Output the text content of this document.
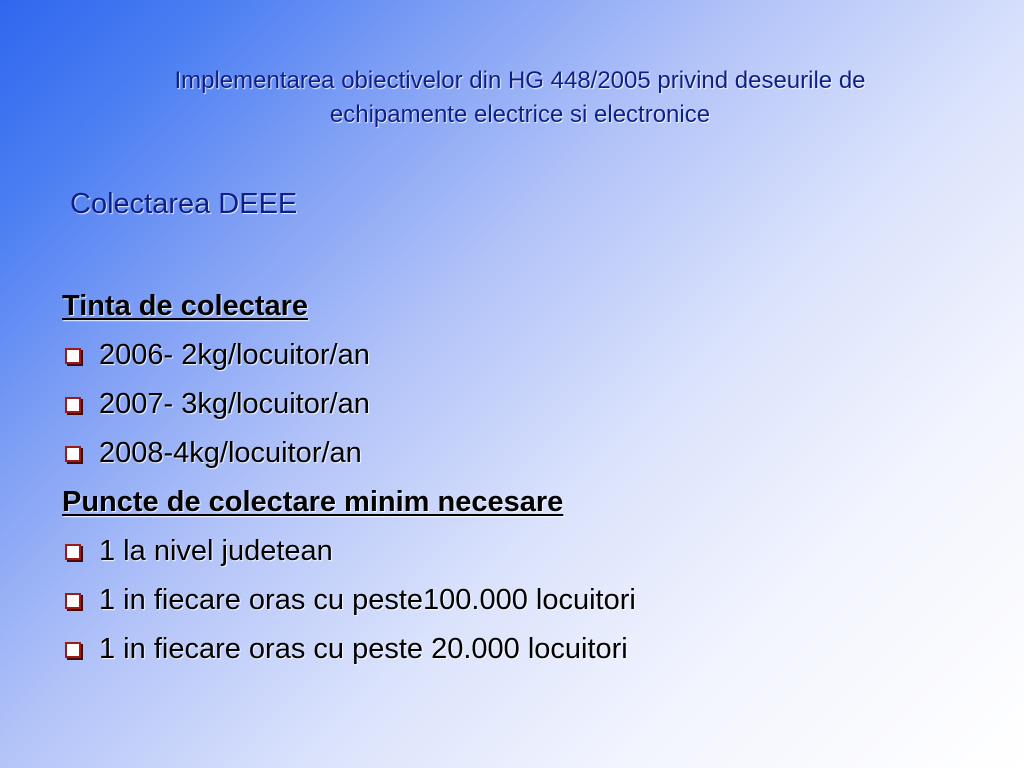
Implementarea obiectivelor din HG 448/2005 privind deseurile de
echipamente electrice si electronice
Colectarea DEEE
Tinta de colectare
2006- 2kg/locuitor/an
2007- 3kg/locuitor/an
2008-4kg/locuitor/an
Puncte de colectare minim necesare
1 la nivel judetean
1 in fiecare oras cu peste100.000 locuitori
1 in fiecare oras cu peste 20.000 locuitori
